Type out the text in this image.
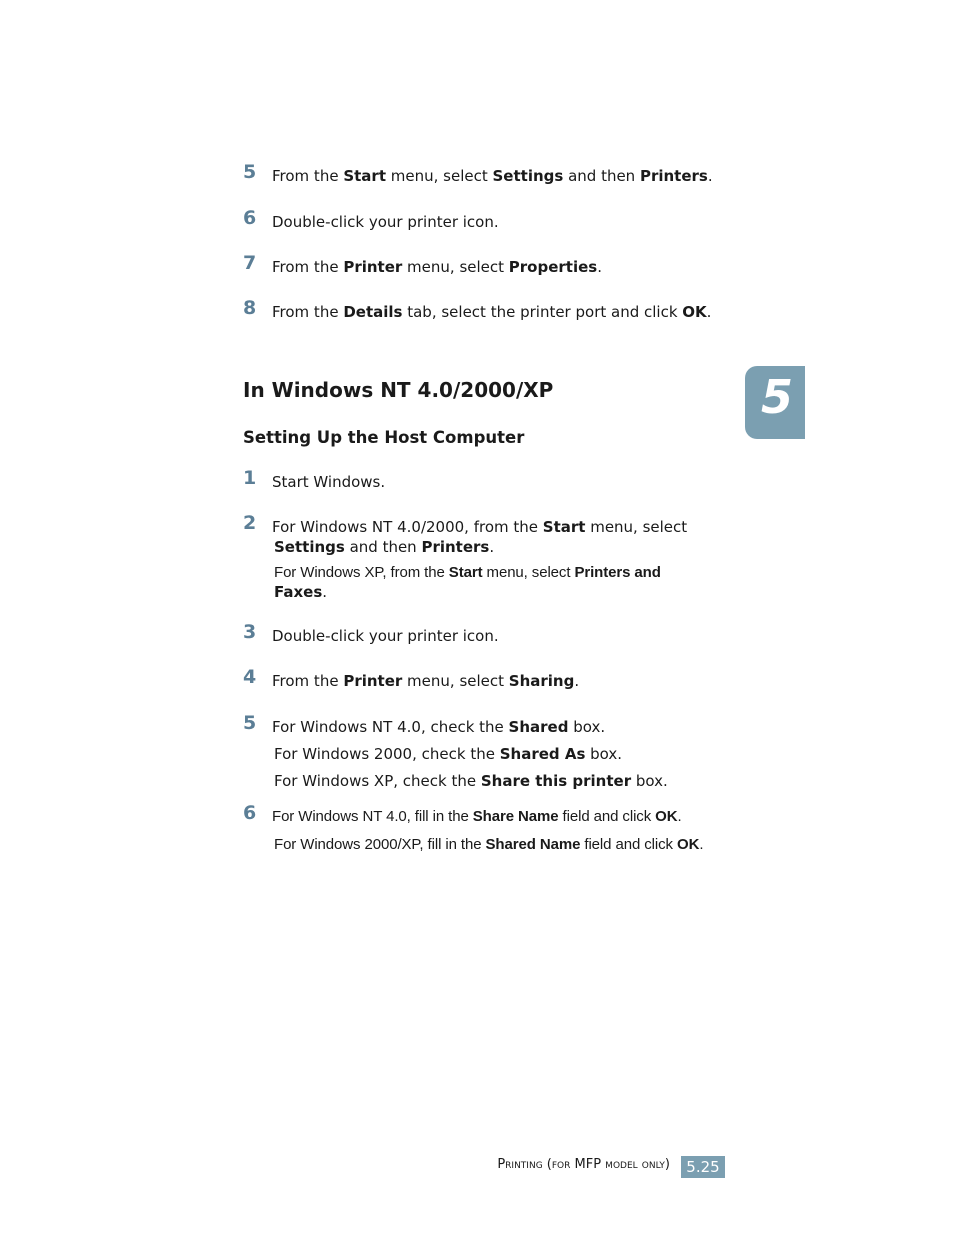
5 From the Start menu, select Settings and then Printers.
6 Double-click your printer icon.
7 From the Printer menu, select Properties.
8 From the Details tab, select the printer port and click OK.
In Windows NT 4.0/2000/XP
Setting Up the Host Computer
5
1 Start Windows.
2 For Windows NT 4.0/2000, from the Start menu, select
Settings and then Printers.
For Windows XP, from the Start menu, select Printers and
Faxes.
3 Double-click your printer icon.
4 From the Printer menu, select Sharing.
5 For Windows NT 4.0, check the Shared box.
For Windows 2000, check the Shared As box.
For Windows XP, check the Share this printer box.
6 For Windows NT 4.0, fill in the Share Name field and click OK.
For Windows 2000/XP, fill in the Shared Name field and click OK.
Printing (for MFP model only)	5.25
